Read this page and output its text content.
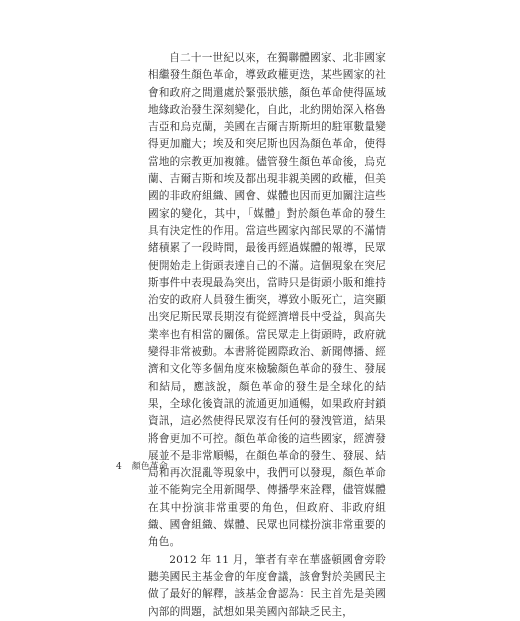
自二十一世紀以來，在獨聯體國家、北非國家相繼發生顏色革命，導致政權更迭，某些國家的社會和政府之間還處於緊張狀態，顏色革命使得區域地緣政治發生深刻變化，自此，北約開始深入格魯吉亞和烏克蘭，美國在吉爾吉斯斯坦的駐軍數量變得更加龐大；埃及和突尼斯也因為顏色革命，使得當地的宗教更加複雜。儘管發生顏色革命後，烏克蘭、吉爾吉斯和埃及都出現非親美國的政權，但美國的非政府組織、國會、媒體也因而更加關注這些國家的變化，其中，「媒體」對於顏色革命的發生具有決定性的作用。當這些國家內部民眾的不滿情緒積累了一段時間，最後再經過媒體的報導，民眾便開始走上街頭表達自己的不滿。這個現象在突尼斯事件中表現最為突出，當時只是街頭小販和維持治安的政府人員發生衝突，導致小販死亡，這突顯出突尼斯民眾長期沒有從經濟增長中受益，與高失業率也有相當的關係。當民眾走上街頭時，政府就變得非常被動。本書將從國際政治、新聞傳播、經濟和文化等多個角度來檢驗顏色革命的發生、發展和結局，應該說，顏色革命的發生是全球化的結果，全球化後資訊的流通更加通暢，如果政府封鎖資訊，這必然使得民眾沒有任何的發洩管道，結果將會更加不可控。顏色革命後的這些國家，經濟發展並不是非常順暢，在顏色革命的發生、發展、結局和再次混亂等現象中，我們可以發現，顏色革命並不能夠完全用新聞學、傳播學來詮釋，儘管媒體在其中扮演非常重要的角色，但政府、非政府組織、國會組織、媒體、民眾也同樣扮演非常重要的角色。

2012 年 11 月，筆者有幸在華盛頓國會旁聆聽美國民主基金會的年度會議，該會對於美國民主做了最好的解釋，該基金會認為：民主首先是美國內部的問題，試想如果美國內部缺乏民主，

4 顏色革命
